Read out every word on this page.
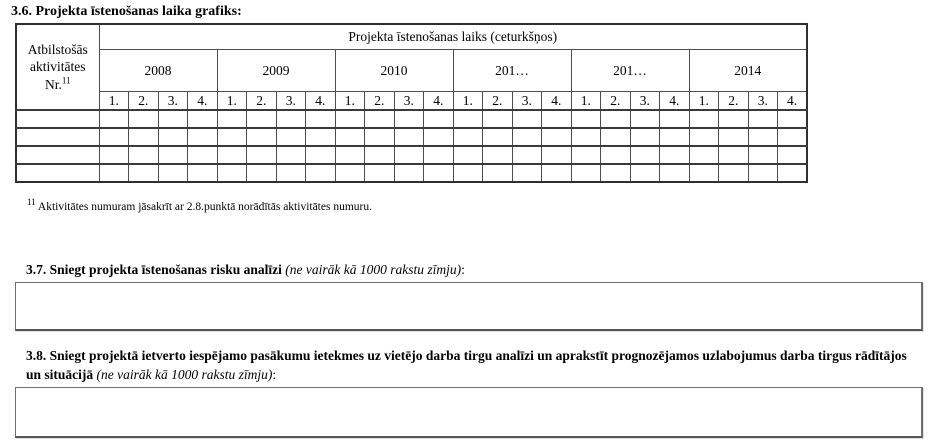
3.6. Projekta īstenošanas laika grafiks:
Atbilstošās aktivitātes Nr.$^{11}$	Projekta īstenošanas laiks (ceturkšņos)																							
	2008				2009				2010				201…				201…				2014			
	1.	2.	3.	4.	1.	2.	3.	4.	1.	2.	3.	4.	1.	2.	3.	4.	1.	2.	3.	4.	1.	2.	3.	4.

$^{11}$ Aktivitātes numuram jāsakrīt ar 2.8.punktā norādītās aktivitātes numuru.
3.7. Sniegt projekta īstenošanas risku analīzi (ne vairāk kā 1000 rakstu zīmju):
3.8. Sniegt projektā ietverto iespējamo pasākumu ietekmes uz vietējo darba tirgu analīzi un aprakstīt prognozējamos uzlabojumus darba tirgus rādītājos un situācijā (ne vairāk kā 1000 rakstu zīmju):
